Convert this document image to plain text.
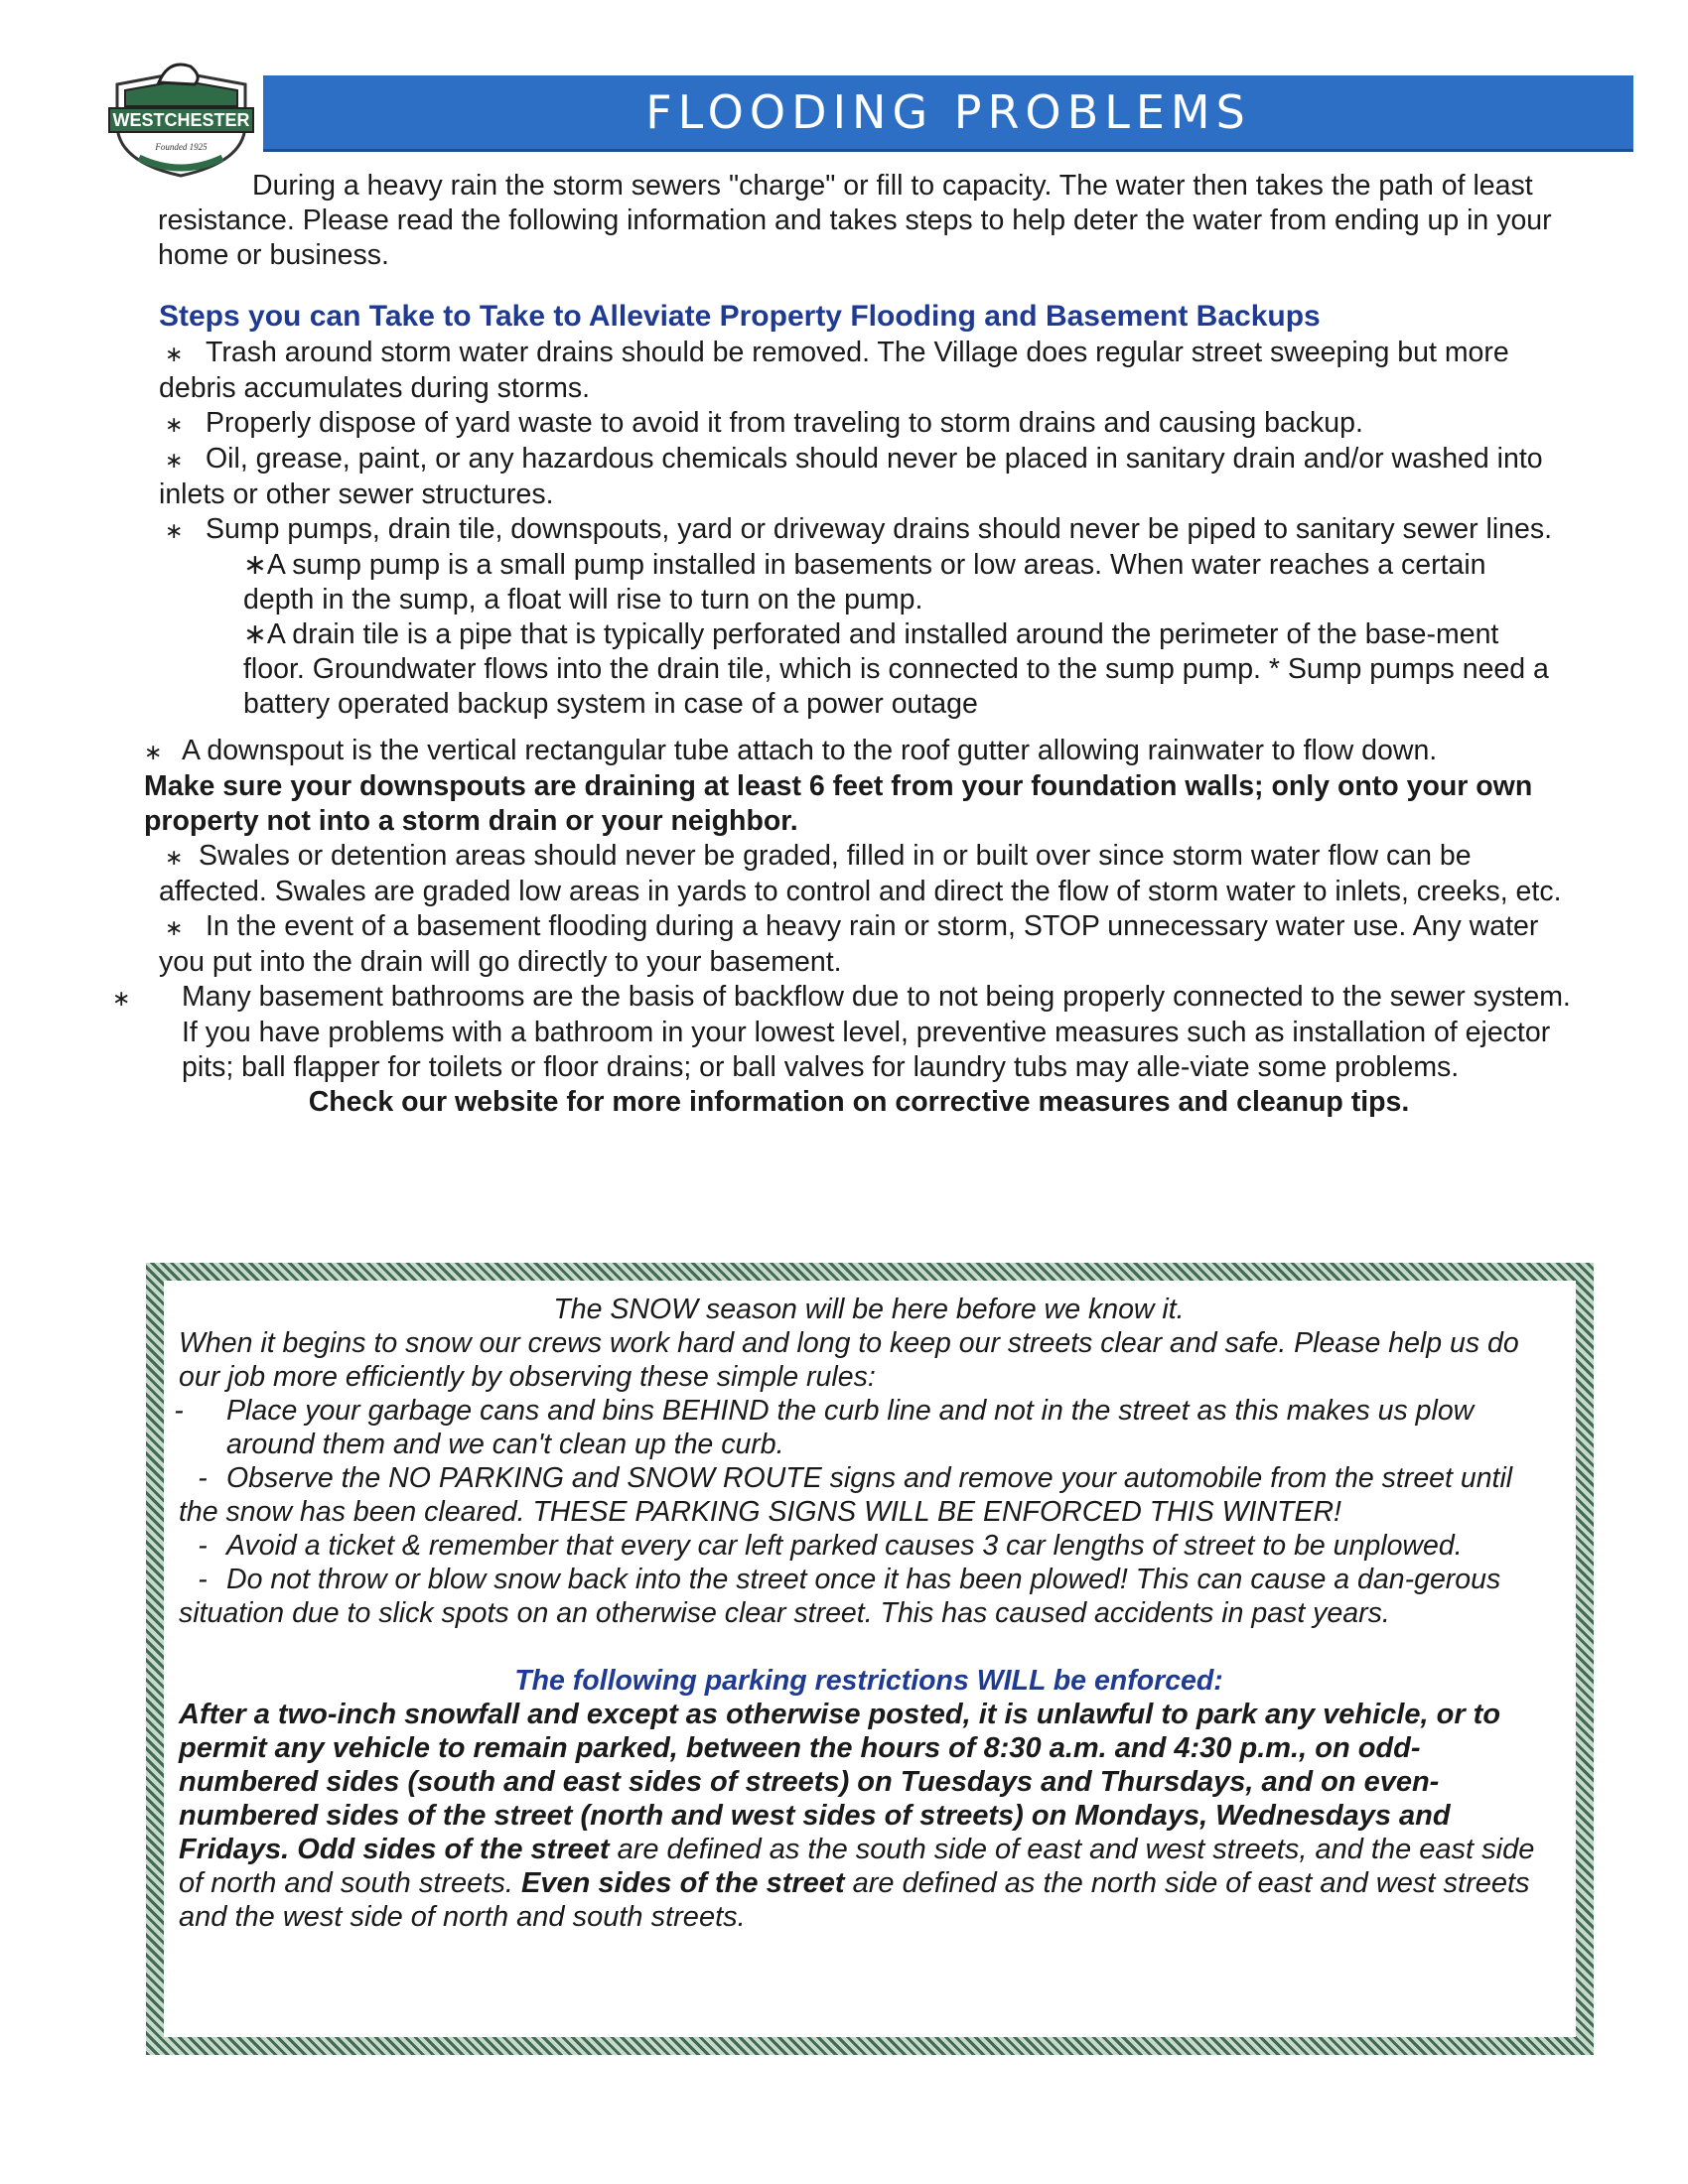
WESTCHESTER
Founded 1925
FLOODING PROBLEMS

During a heavy rain the storm sewers "charge" or fill to capacity. The water then takes the path of least resistance. Please read the following information and takes steps to help deter the water from ending up in your home or business.

Steps you can Take to Take to Alleviate Property Flooding and Basement Backups
∗ Trash around storm water drains should be removed. The Village does regular street sweeping but more debris accumulates during storms.
∗ Properly dispose of yard waste to avoid it from traveling to storm drains and causing backup.
∗ Oil, grease, paint, or any hazardous chemicals should never be placed in sanitary drain and/or washed into inlets or other sewer structures.
∗ Sump pumps, drain tile, downspouts, yard or driveway drains should never be piped to sanitary sewer lines.
∗A sump pump is a small pump installed in basements or low areas. When water reaches a certain depth in the sump, a float will rise to turn on the pump.
∗A drain tile is a pipe that is typically perforated and installed around the perimeter of the base-ment floor. Groundwater flows into the drain tile, which is connected to the sump pump. * Sump pumps need a battery operated backup system in case of a power outage
∗ A downspout is the vertical rectangular tube attach to the roof gutter allowing rainwater to flow down.
Make sure your downspouts are draining at least 6 feet from your foundation walls; only onto your own property not into a storm drain or your neighbor.
∗ Swales or detention areas should never be graded, filled in or built over since storm water flow can be affected. Swales are graded low areas in yards to control and direct the flow of storm water to inlets, creeks, etc.
∗ In the event of a basement flooding during a heavy rain or storm, STOP unnecessary water use. Any water you put into the drain will go directly to your basement.
∗ Many basement bathrooms are the basis of backflow due to not being properly connected to the sewer system. If you have problems with a bathroom in your lowest level, preventive measures such as installation of ejector pits; ball flapper for toilets or floor drains; or ball valves for laundry tubs may alle-viate some problems.
Check our website for more information on corrective measures and cleanup tips.

The SNOW season will be here before we know it.

When it begins to snow our crews work hard and long to keep our streets clear and safe. Please help us do our job more efficiently by observing these simple rules:

- Place your garbage cans and bins BEHIND the curb line and not in the street as this makes us plow around them and we can't clean up the curb.

- Observe the NO PARKING and SNOW ROUTE signs and remove your automobile from the street until the snow has been cleared. THESE PARKING SIGNS WILL BE ENFORCED THIS WINTER!

- Avoid a ticket & remember that every car left parked causes 3 car lengths of street to be unplowed.

- Do not throw or blow snow back into the street once it has been plowed! This can cause a dan-gerous situation due to slick spots on an otherwise clear street. This has caused accidents in past years.

The following parking restrictions WILL be enforced:

After a two-inch snowfall and except as otherwise posted, it is unlawful to park any vehicle, or to permit any vehicle to remain parked, between the hours of 8:30 a.m. and 4:30 p.m., on odd-numbered sides (south and east sides of streets) on Tuesdays and Thursdays, and on even- numbered sides of the street (north and west sides of streets) on Mondays, Wednesdays and Fridays. Odd sides of the street are defined as the south side of east and west streets, and the east side of north and south streets. Even sides of the street are defined as the north side of east and west streets and the west side of north and south streets.
